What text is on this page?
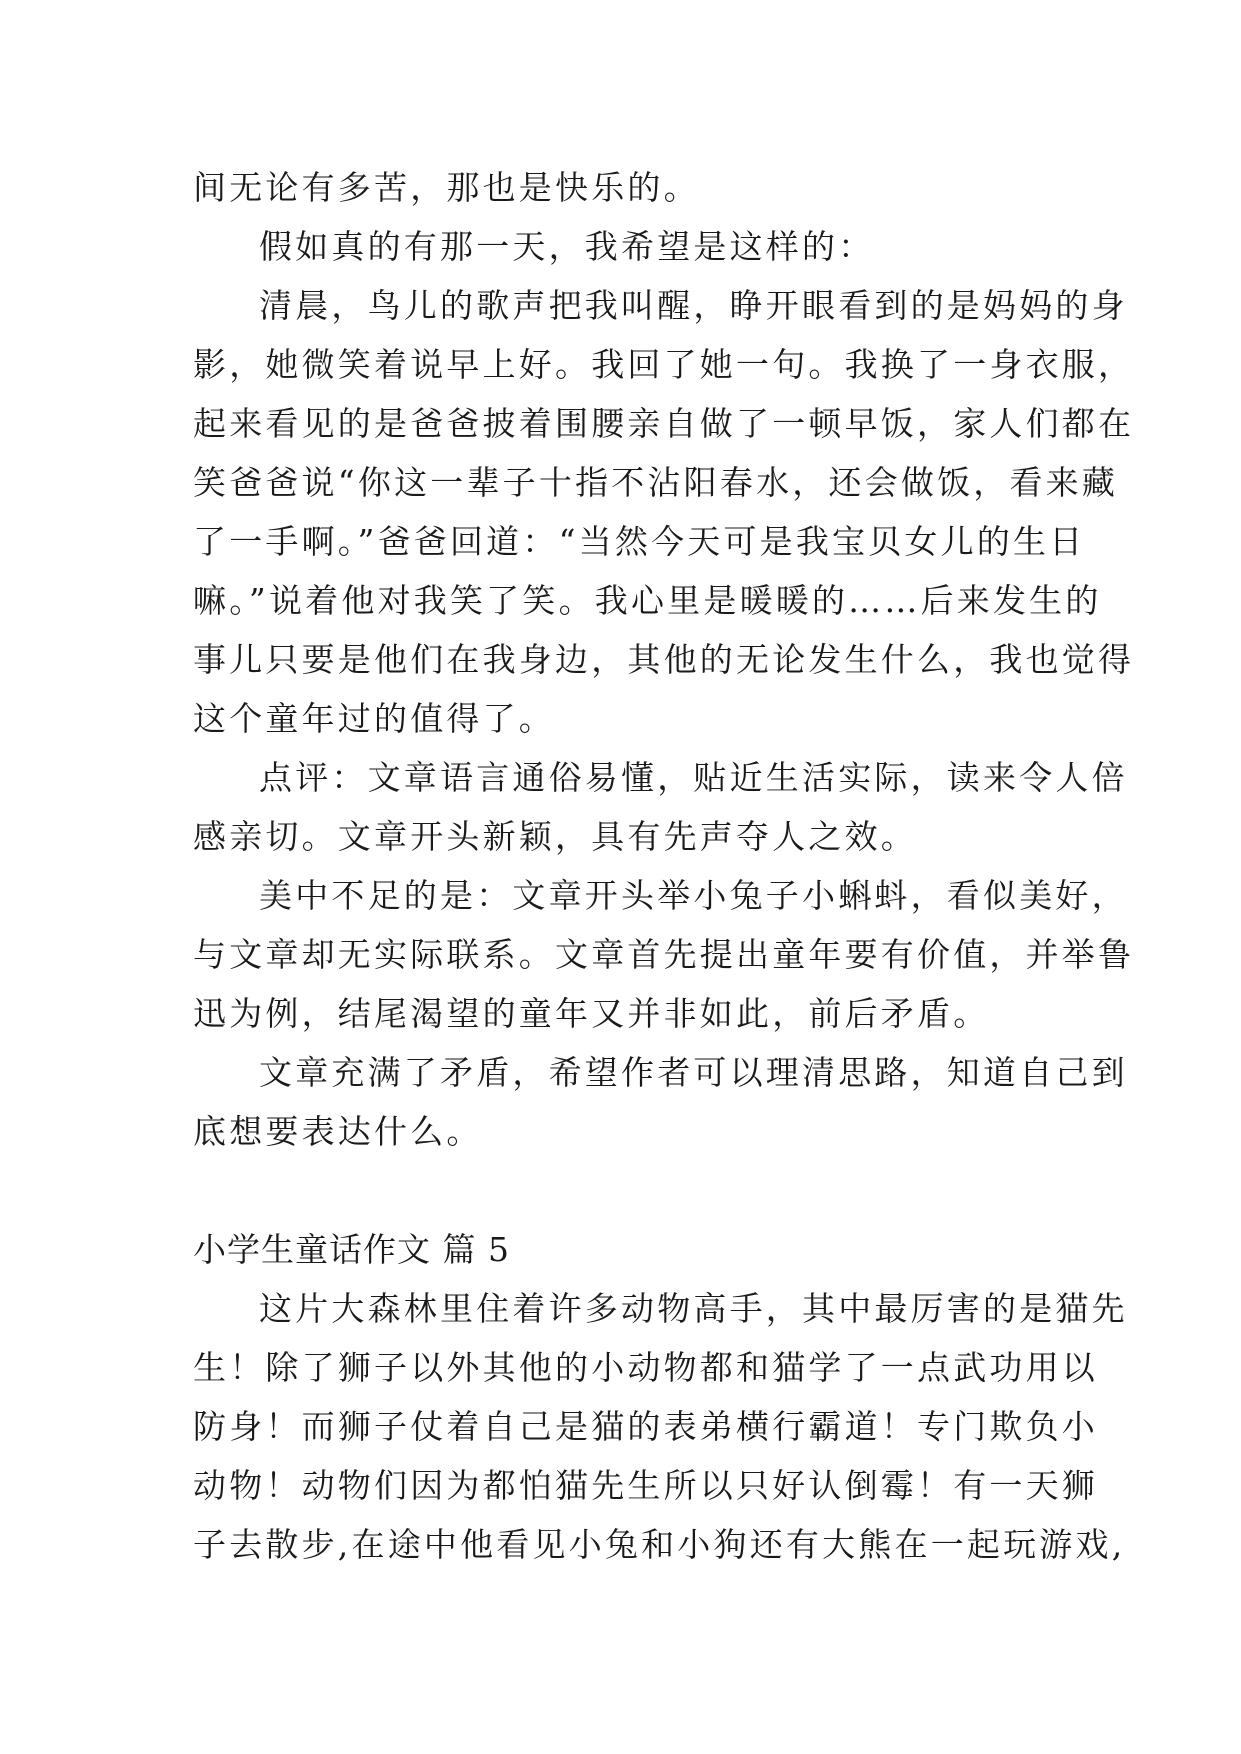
间无论有多苦，那也是快乐的。
假如真的有那一天，我希望是这样的：
清晨，鸟儿的歌声把我叫醒，睁开眼看到的是妈妈的身
影，她微笑着说早上好。我回了她一句。我换了一身衣服，
起来看见的是爸爸披着围腰亲自做了一顿早饭，家人们都在
笑爸爸说“你这一辈子十指不沾阳春水，还会做饭，看来藏
了一手啊。”爸爸回道：“当然今天可是我宝贝女儿的生日
嘛。”说着他对我笑了笑。我心里是暖暖的……后来发生的
事儿只要是他们在我身边，其他的无论发生什么，我也觉得
这个童年过的值得了。
点评：文章语言通俗易懂，贴近生活实际，读来令人倍
感亲切。文章开头新颖，具有先声夺人之效。
美中不足的是：文章开头举小兔子小蝌蚪，看似美好，
与文章却无实际联系。文章首先提出童年要有价值，并举鲁
迅为例，结尾渴望的童年又并非如此，前后矛盾。
文章充满了矛盾，希望作者可以理清思路，知道自己到
底想要表达什么。
小学生童话作文 篇 5
这片大森林里住着许多动物高手，其中最厉害的是猫先
生！除了狮子以外其他的小动物都和猫学了一点武功用以
防身！而狮子仗着自己是猫的表弟横行霸道！专门欺负小
动物！动物们因为都怕猫先生所以只好认倒霉！有一天狮
子去散步,在途中他看见小兔和小狗还有大熊在一起玩游戏,
